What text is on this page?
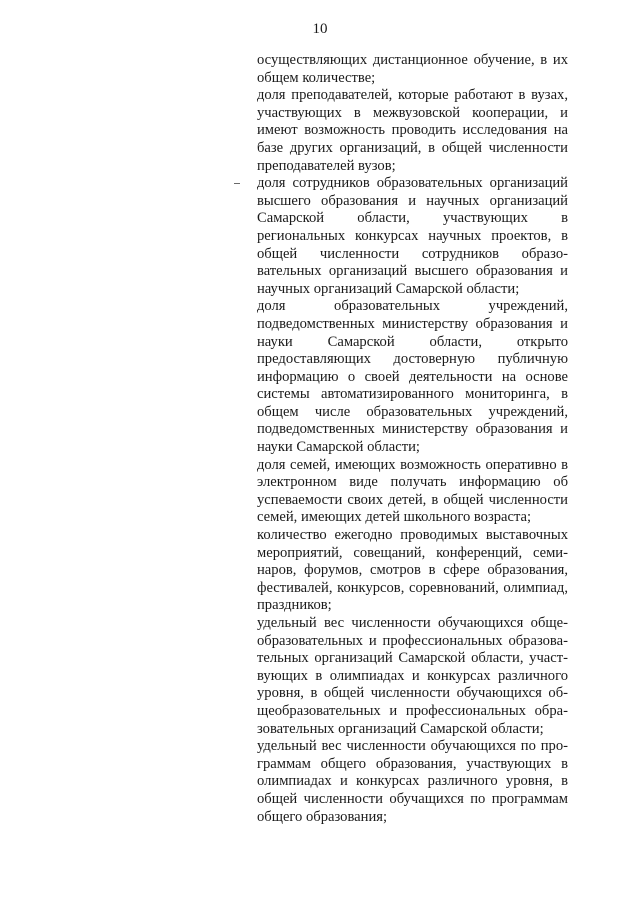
10

осуществляющих дистанционное обучение, в их общем количестве;

доля преподавателей, которые работают в вузах, участвующих в межвузовской кооперации, и имеют возможность проводить исследования на базе других организаций, в общей численности преподавателей вузов;

доля сотрудников образовательных организаций высшего образования и научных организаций Самарской области, участвующих в региональных конкурсах научных проектов, в общей численности сотрудников образовательных организаций высшего образования и научных организаций Самарской области;

доля образовательных учреждений, подведомственных министерству образования и науки Самарской области, открыто предоставляющих достоверную публичную информацию о своей деятельности на основе системы автоматизированного мониторинга, в общем числе образовательных учреждений, подведомственных министерству образования и науки Самарской области;

доля семей, имеющих возможность оперативно в электронном виде получать информацию об успеваемости своих детей, в общей численности семей, имеющих детей школьного возраста;

количество ежегодно проводимых выставочных мероприятий, совещаний, конференций, семинаров, форумов, смотров в сфере образования, фестивалей, конкурсов, соревнований, олимпиад, праздников;

удельный вес численности обучающихся общеобразовательных и профессиональных образовательных организаций Самарской области, участвующих в олимпиадах и конкурсах различного уровня, в общей численности обучающихся общеобразовательных и профессиональных образовательных организаций Самарской области;

удельный вес численности обучающихся по программам общего образования, участвующих в олимпиадах и конкурсах различного уровня, в общей численности обучащихся по программам общего образования;
